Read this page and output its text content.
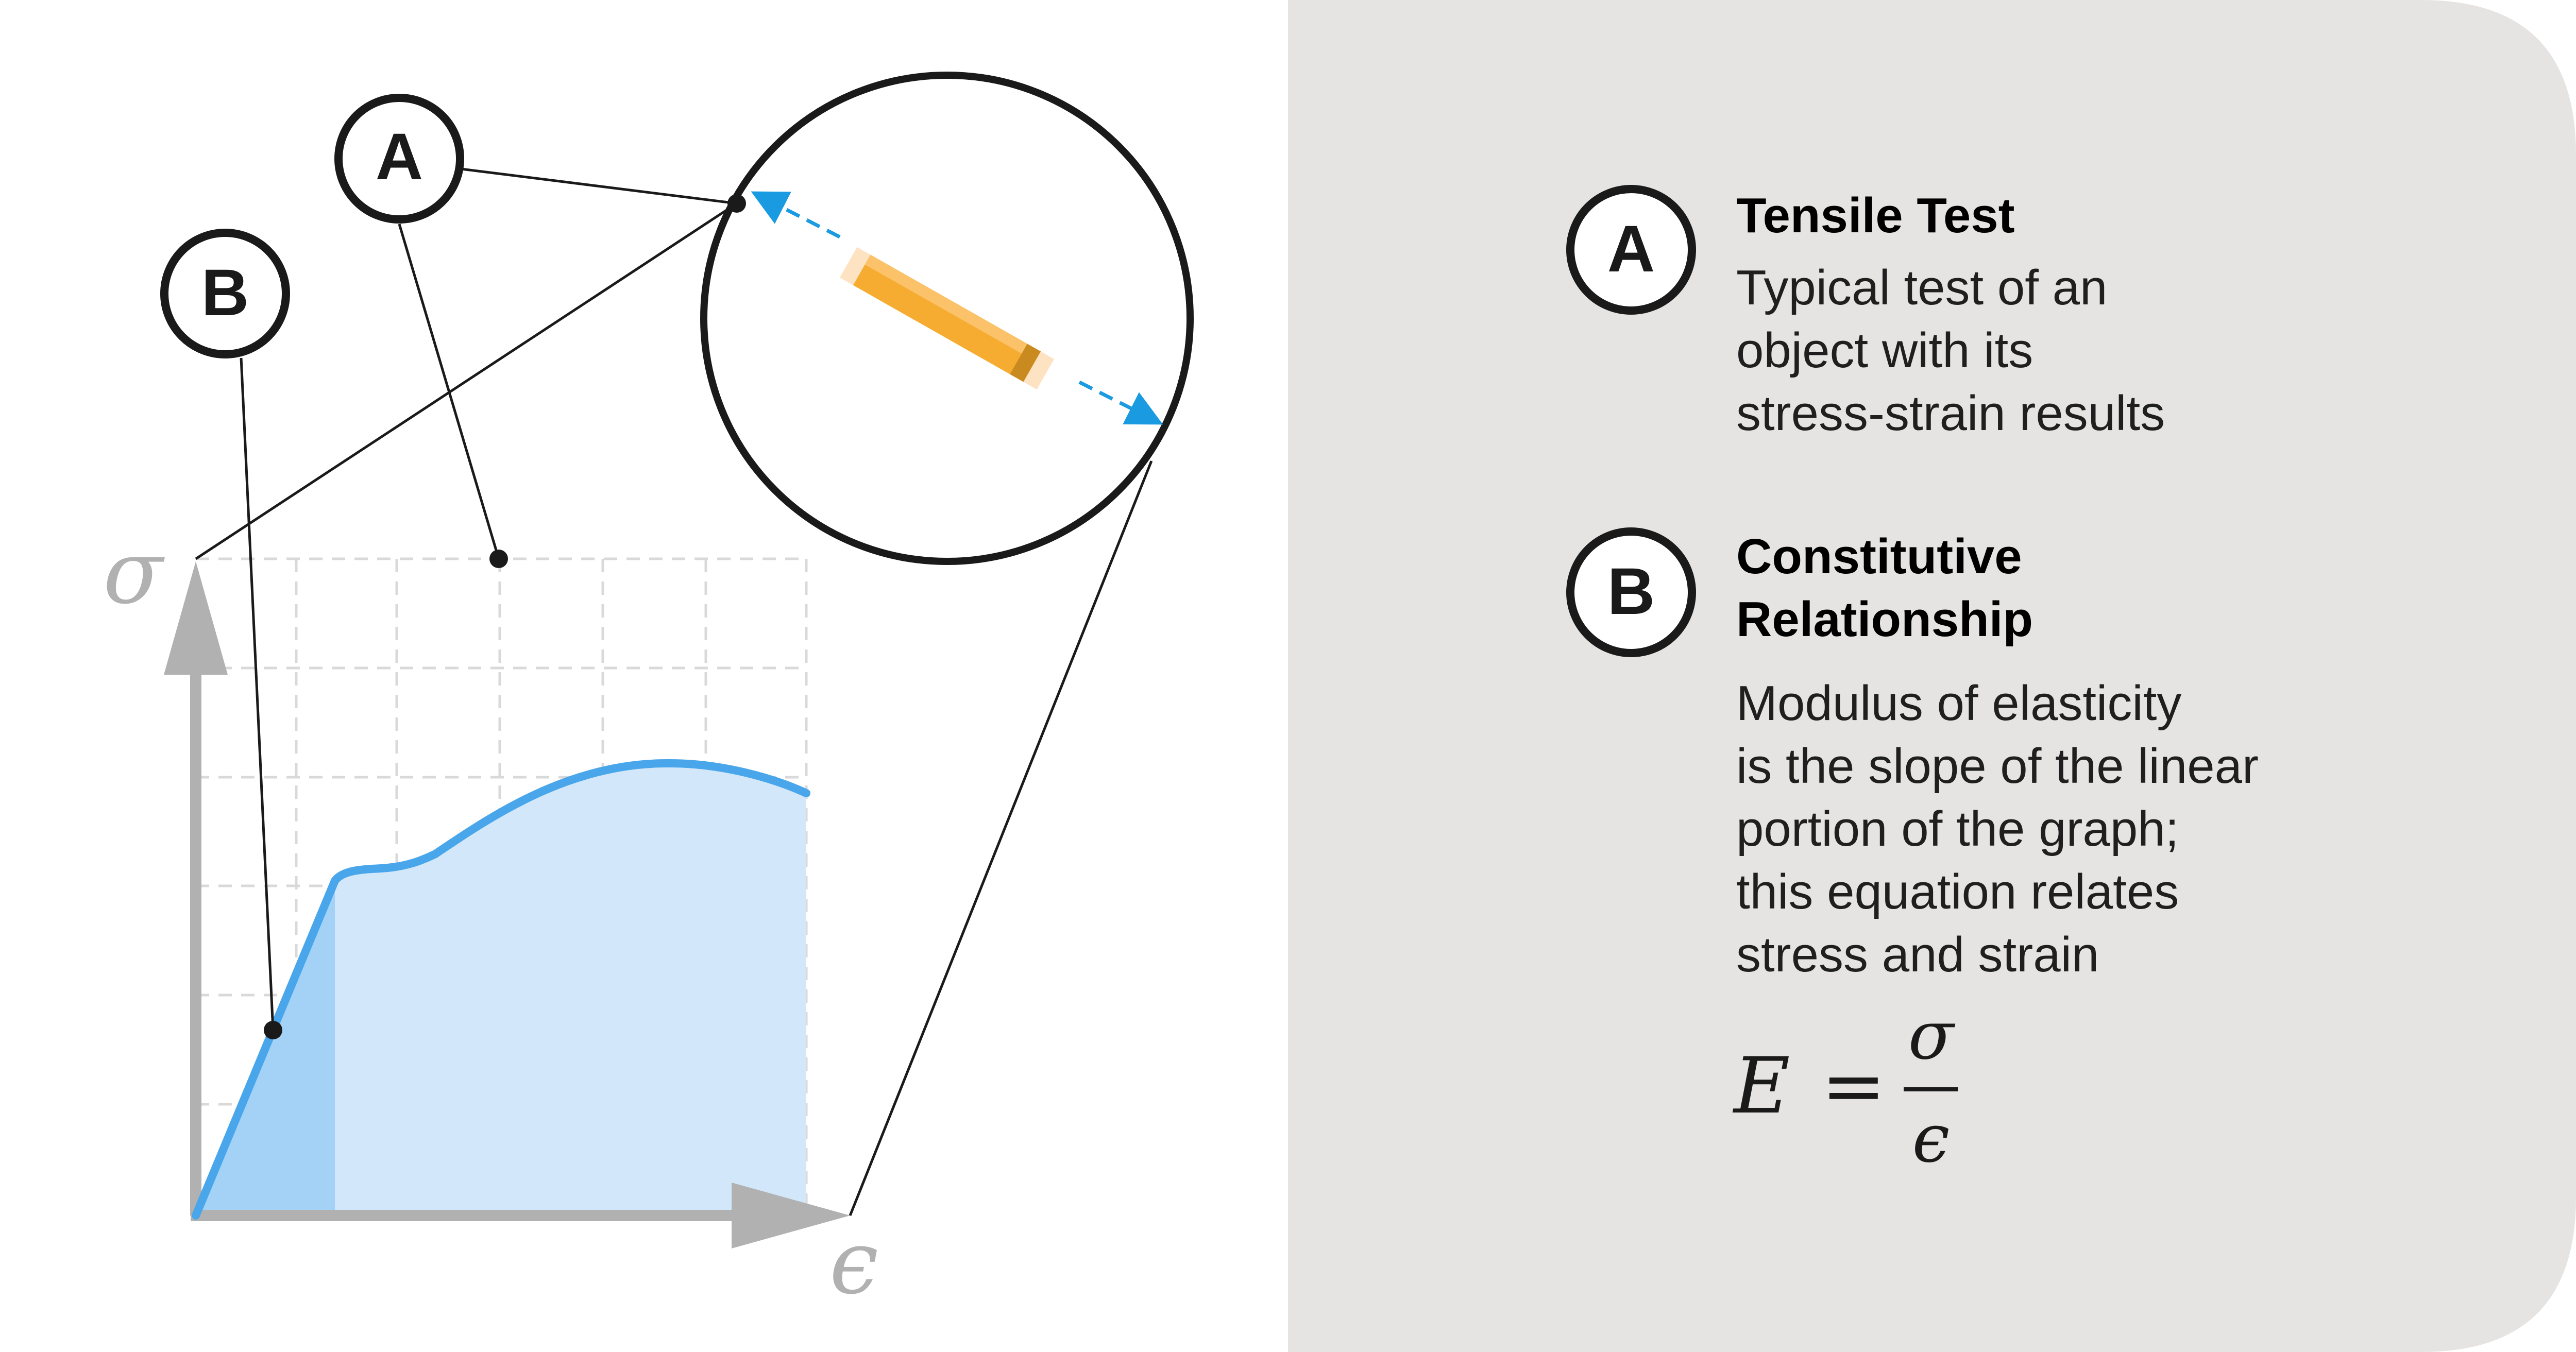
σ
ϵ
A
B
A
B
E =
σ
ϵ
Tensile Test
Typical test of an
object with its
stress-strain results
Constitutive
Relationship
Modulus of elasticity
is the slope of the linear
portion of the graph;
this equation relates
stress and strain
